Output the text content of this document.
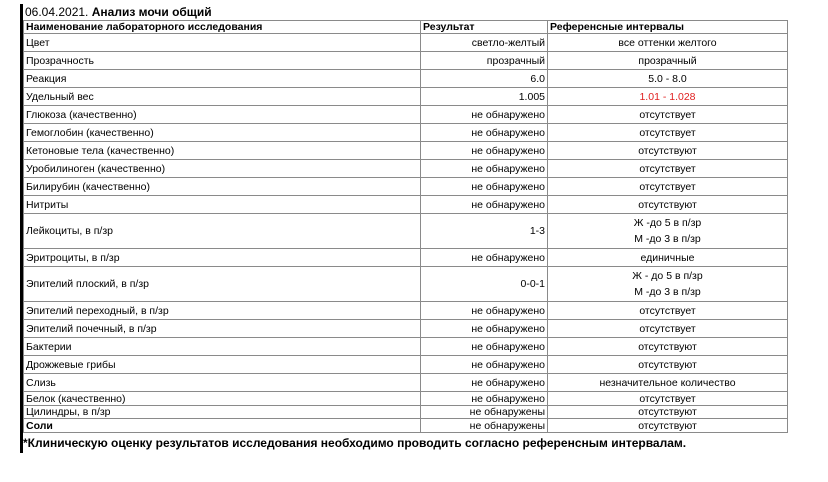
06.04.2021. Анализ мочи общий
Наименование лабораторного исследования	Результат	Референсные интервалы
Цвет	светло-желтый	все оттенки желтого
Прозрачность	прозрачный	прозрачный
Реакция	6.0	5.0 - 8.0
Удельный вес	1.005	1.01 - 1.028
Глюкоза (качественно)	не обнаружено	отсутствует
Гемоглобин (качественно)	не обнаружено	отсутствует
Кетоновые тела (качественно)	не обнаружено	отсутствуют
Уробилиноген (качественно)	не обнаружено	отсутствует
Билирубин (качественно)	не обнаружено	отсутствует
Нитриты	не обнаружено	отсутствуют
Лейкоциты, в п/зр	1-3	Ж -до 5 в п/зр
М -до 3 в п/зр

Эритроциты, в п/зр	не обнаружено	единичные
Эпителий плоский, в п/зр	0-0-1	Ж - до 5 в п/зр
М -до 3 в п/зр

Эпителий переходный, в п/зр	не обнаружено	отсутствует
Эпителий почечный, в п/зр	не обнаружено	отсутствует
Бактерии	не обнаружено	отсутствуют
Дрожжевые грибы	не обнаружено	отсутствуют
Слизь	не обнаружено	незначительное количество
Белок (качественно)	не обнаружено	отсутствует
Цилиндры, в п/зр	не обнаружены	отсутствуют
Соли	не обнаружены	отсутствуют
*Клиническую оценку результатов исследования необходимо проводить согласно референсным интервалам.
